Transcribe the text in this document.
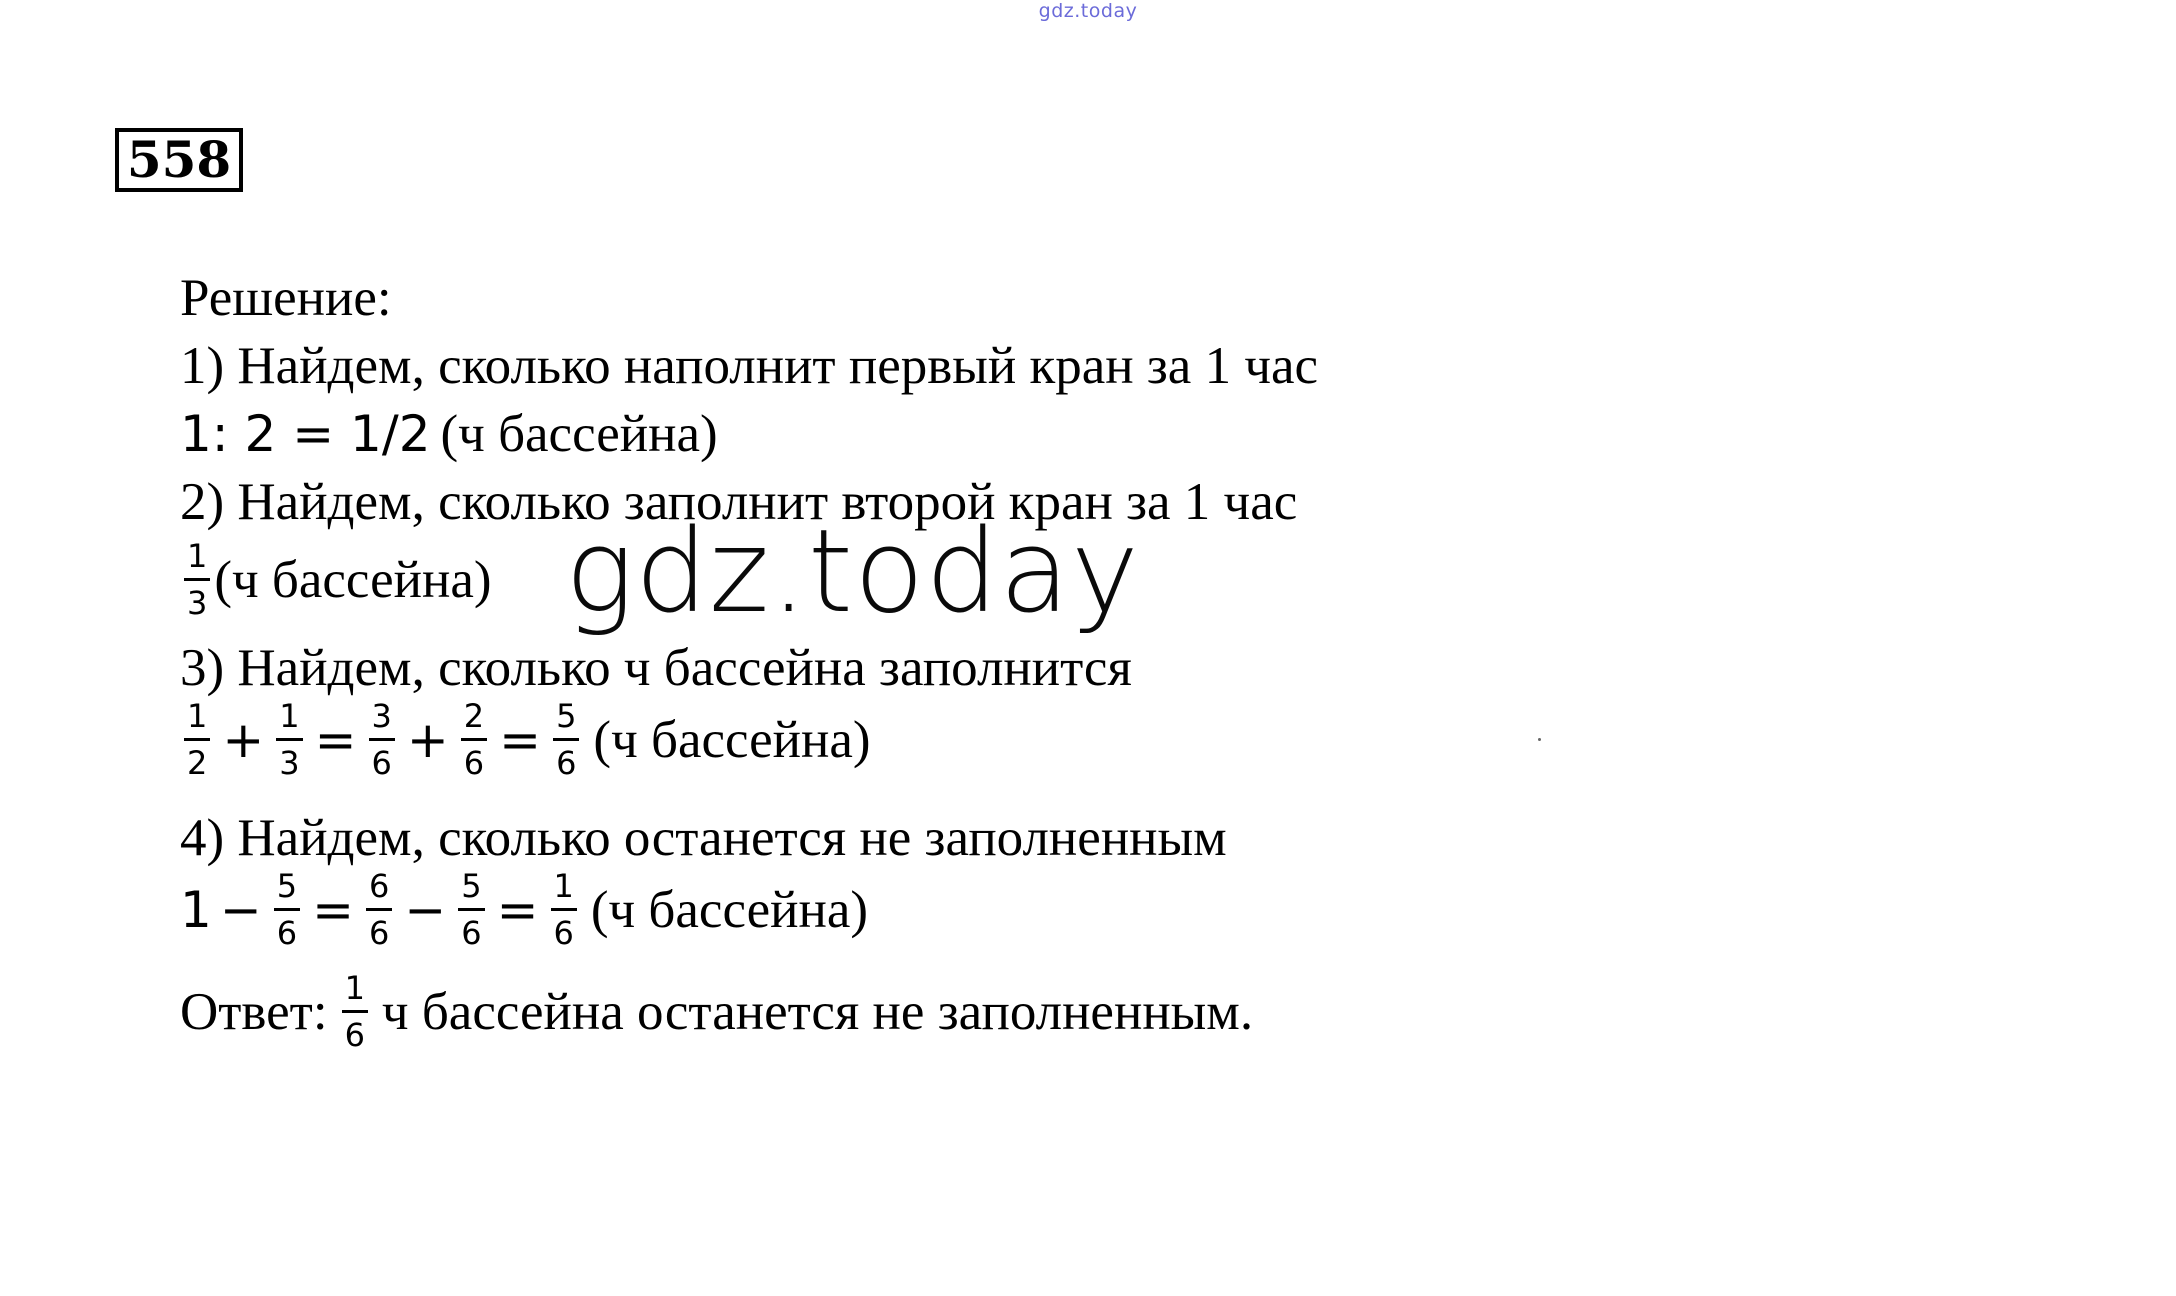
gdz.today
558
Решение:
1) Найдем, сколько наполнит первый кран за 1 час
1: 2 = 1/2 (ч бассейна)
2) Найдем, сколько заполнит второй кран за 1 час
$\frac{1}{3} (ч$ бассейна)
3) Найдем, сколько ч бассейна заполнится
$\frac{1}{2} + \frac{1}{3} = \frac{3}{6} + \frac{2}{6} = \frac{5}{6} (ч$ бассейна)
4) Найдем, сколько останется не заполненным
$1 - \frac{5}{6} = \frac{6}{6} - \frac{5}{6} = \frac{1}{6} (ч$ бассейна)
Ответ: $\frac{1}{6}$ ч бассейна останется не заполненным.
gdz.today
